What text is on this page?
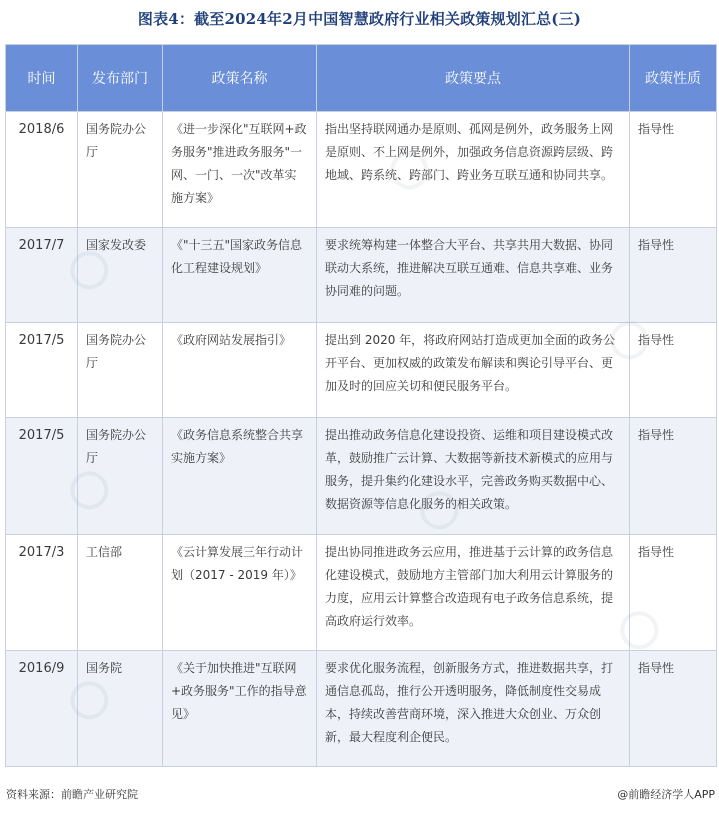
图表4：截至2024年2月中国智慧政府行业相关政策规划汇总(三)
时间	发布部门	政策名称	政策要点	政策性质
2018/6	国务院办公厅	《进一步深化"互联网+政务服务"推进政务服务"一网、一门、一次"改革实施方案》	指出坚持联网通办是原则、孤网是例外，政务服务上网是原则、不上网是例外，加强政务信息资源跨层级、跨地域、跨系统、跨部门、跨业务互联互通和协同共享。	指导性
2017/7	国家发改委	《"十三五"国家政务信息化工程建设规划》	要求统筹构建一体整合大平台、共享共用大数据、协同联动大系统，推进解决互联互通难、信息共享难、业务协同难的问题。	指导性
2017/5	国务院办公厅	《政府网站发展指引》	提出到 2020 年，将政府网站打造成更加全面的政务公开平台、更加权威的政策发布解读和舆论引导平台、更加及时的回应关切和便民服务平台。	指导性
2017/5	国务院办公厅	《政务信息系统整合共享实施方案》	提出推动政务信息化建设投资、运维和项目建设模式改革，鼓励推广云计算、大数据等新技术新模式的应用与服务，提升集约化建设水平，完善政务购买数据中心、数据资源等信息化服务的相关政策。	指导性
2017/3	工信部	《云计算发展三年行动计划（2017 - 2019 年）》	提出协同推进政务云应用，推进基于云计算的政务信息化建设模式，鼓励地方主管部门加大利用云计算服务的力度，应用云计算整合改造现有电子政务信息系统，提高政府运行效率。	指导性
2016/9	国务院	《关于加快推进"互联网+政务服务"工作的指导意见》	要求优化服务流程，创新服务方式，推进数据共享，打通信息孤岛，推行公开透明服务，降低制度性交易成本，持续改善营商环境，深入推进大众创业、万众创新，最大程度利企便民。	指导性
资料来源：前瞻产业研究院	@前瞻经济学人APP
